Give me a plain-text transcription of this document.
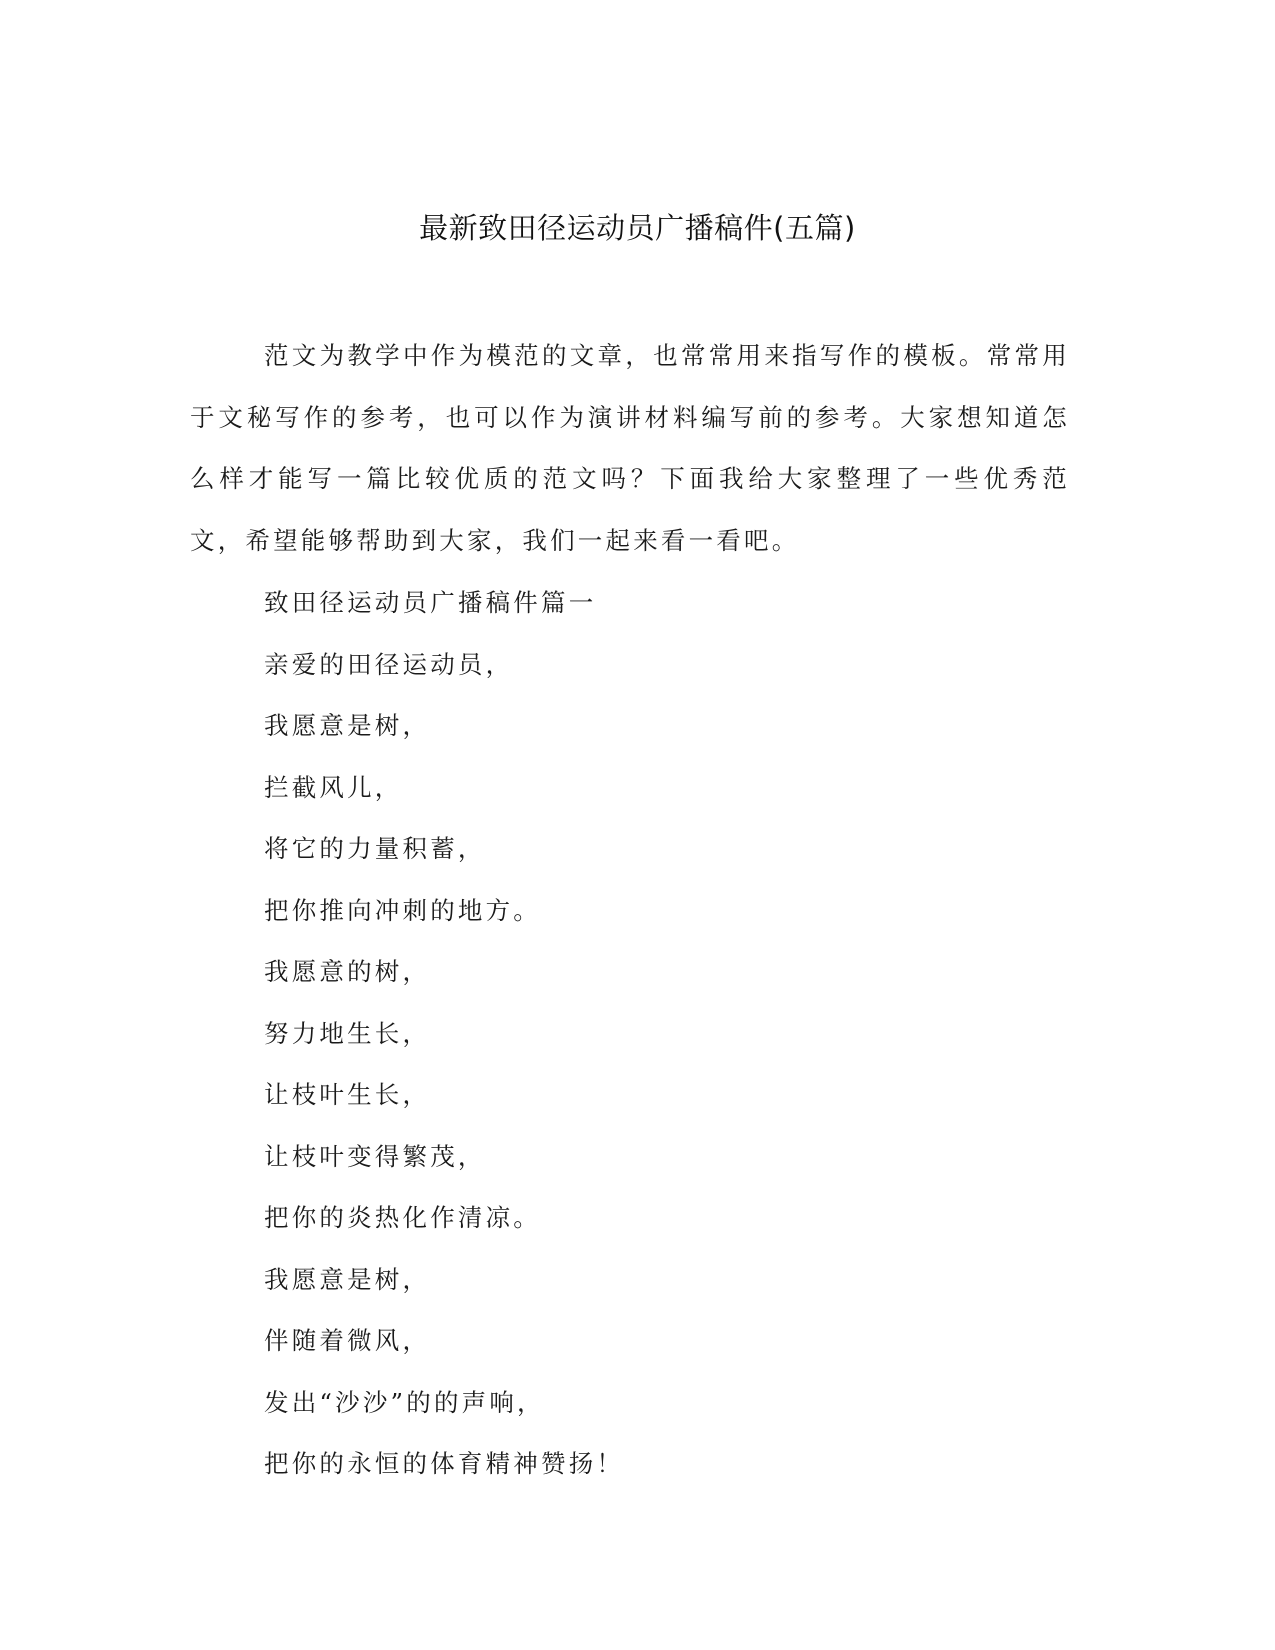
最新致田径运动员广播稿件(五篇)

范文为教学中作为模范的文章，也常常用来指写作的模板。常常用于文秘写作的参考，也可以作为演讲材料编写前的参考。大家想知道怎么样才能写一篇比较优质的范文吗？下面我给大家整理了一些优秀范文，希望能够帮助到大家，我们一起来看一看吧。

致田径运动员广播稿件篇一
亲爱的田径运动员，
我愿意是树，
拦截风儿，
将它的力量积蓄，
把你推向冲刺的地方。
我愿意的树，
努力地生长，
让枝叶生长，
让枝叶变得繁茂，
把你的炎热化作清凉。
我愿意是树，
伴随着微风，
发出“沙沙”的的声响，
把你的永恒的体育精神赞扬！
